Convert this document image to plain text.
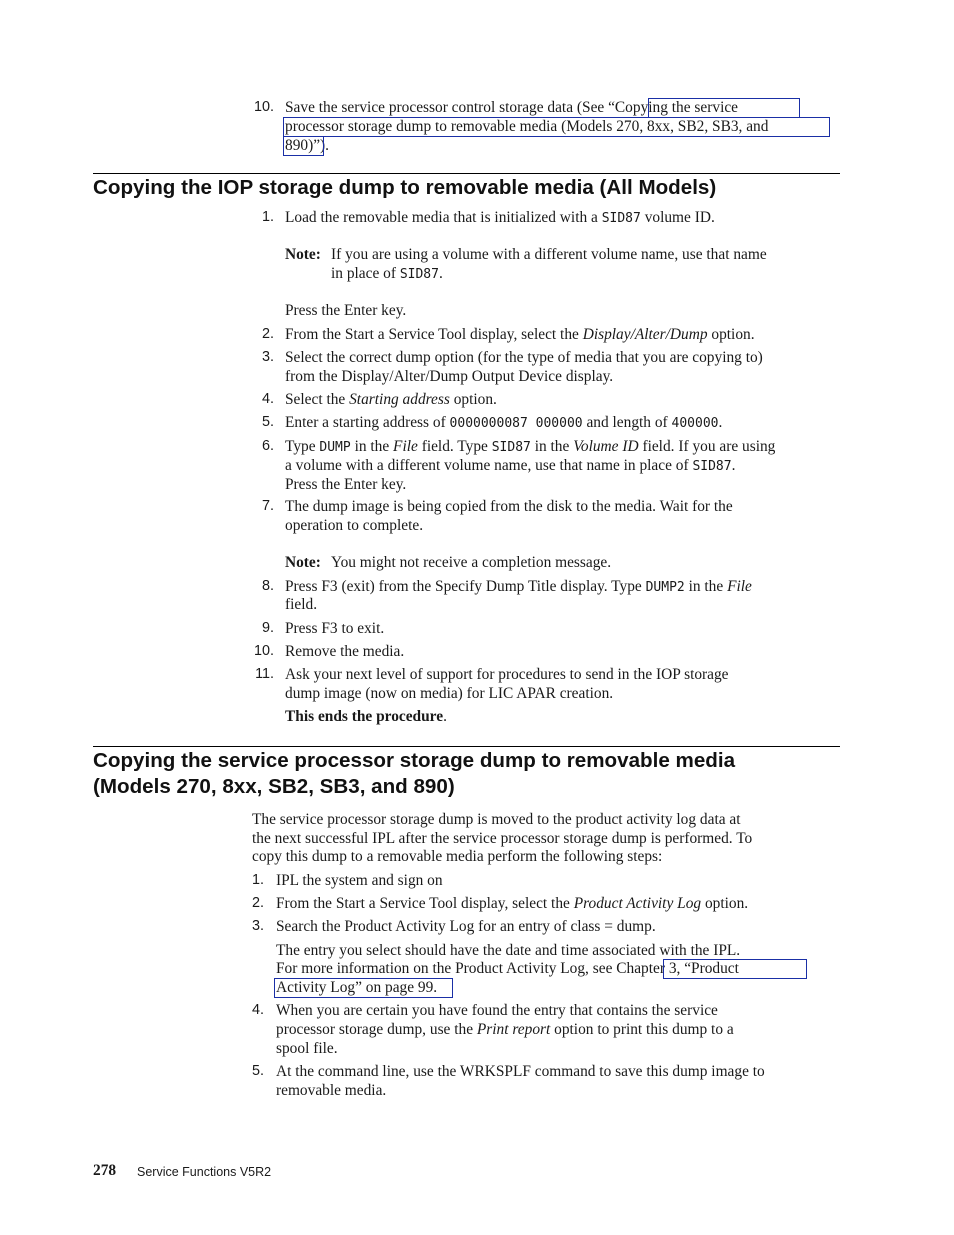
10. Save the service processor control storage data (See “Copying the service
processor storage dump to removable media (Models 270, 8xx, SB2, SB3, and
890)”).
Copying the IOP storage dump to removable media (All Models)
1. Load the removable media that is initialized with a SID87 volume ID.
Note: If you are using a volume with a different volume name, use that name
in place of SID87.
Press the Enter key.
2. From the Start a Service Tool display, select the Display/Alter/Dump option.
3. Select the correct dump option (for the type of media that you are copying to)
from the Display/Alter/Dump Output Device display.
4. Select the Starting address option.
5. Enter a starting address of 0000000087 000000 and length of 400000.
6. Type DUMP in the File field. Type SID87 in the Volume ID field. If you are using
a volume with a different volume name, use that name in place of SID87.
Press the Enter key.
7. The dump image is being copied from the disk to the media. Wait for the
operation to complete.
Note: You might not receive a completion message.
8. Press F3 (exit) from the Specify Dump Title display. Type DUMP2 in the File
field.
9. Press F3 to exit.
10. Remove the media.
11. Ask your next level of support for procedures to send in the IOP storage
dump image (now on media) for LIC APAR creation.
This ends the procedure.
Copying the service processor storage dump to removable media
(Models 270, 8xx, SB2, SB3, and 890)
The service processor storage dump is moved to the product activity log data at
the next successful IPL after the service processor storage dump is performed. To
copy this dump to a removable media perform the following steps:
1. IPL the system and sign on
2. From the Start a Service Tool display, select the Product Activity Log option.
3. Search the Product Activity Log for an entry of class = dump.
The entry you select should have the date and time associated with the IPL.
For more information on the Product Activity Log, see Chapter 3, “Product
Activity Log” on page 99.
4. When you are certain you have found the entry that contains the service
processor storage dump, use the Print report option to print this dump to a
spool file.
5. At the command line, use the WRKSPLF command to save this dump image to
removable media.
278 Service Functions V5R2
